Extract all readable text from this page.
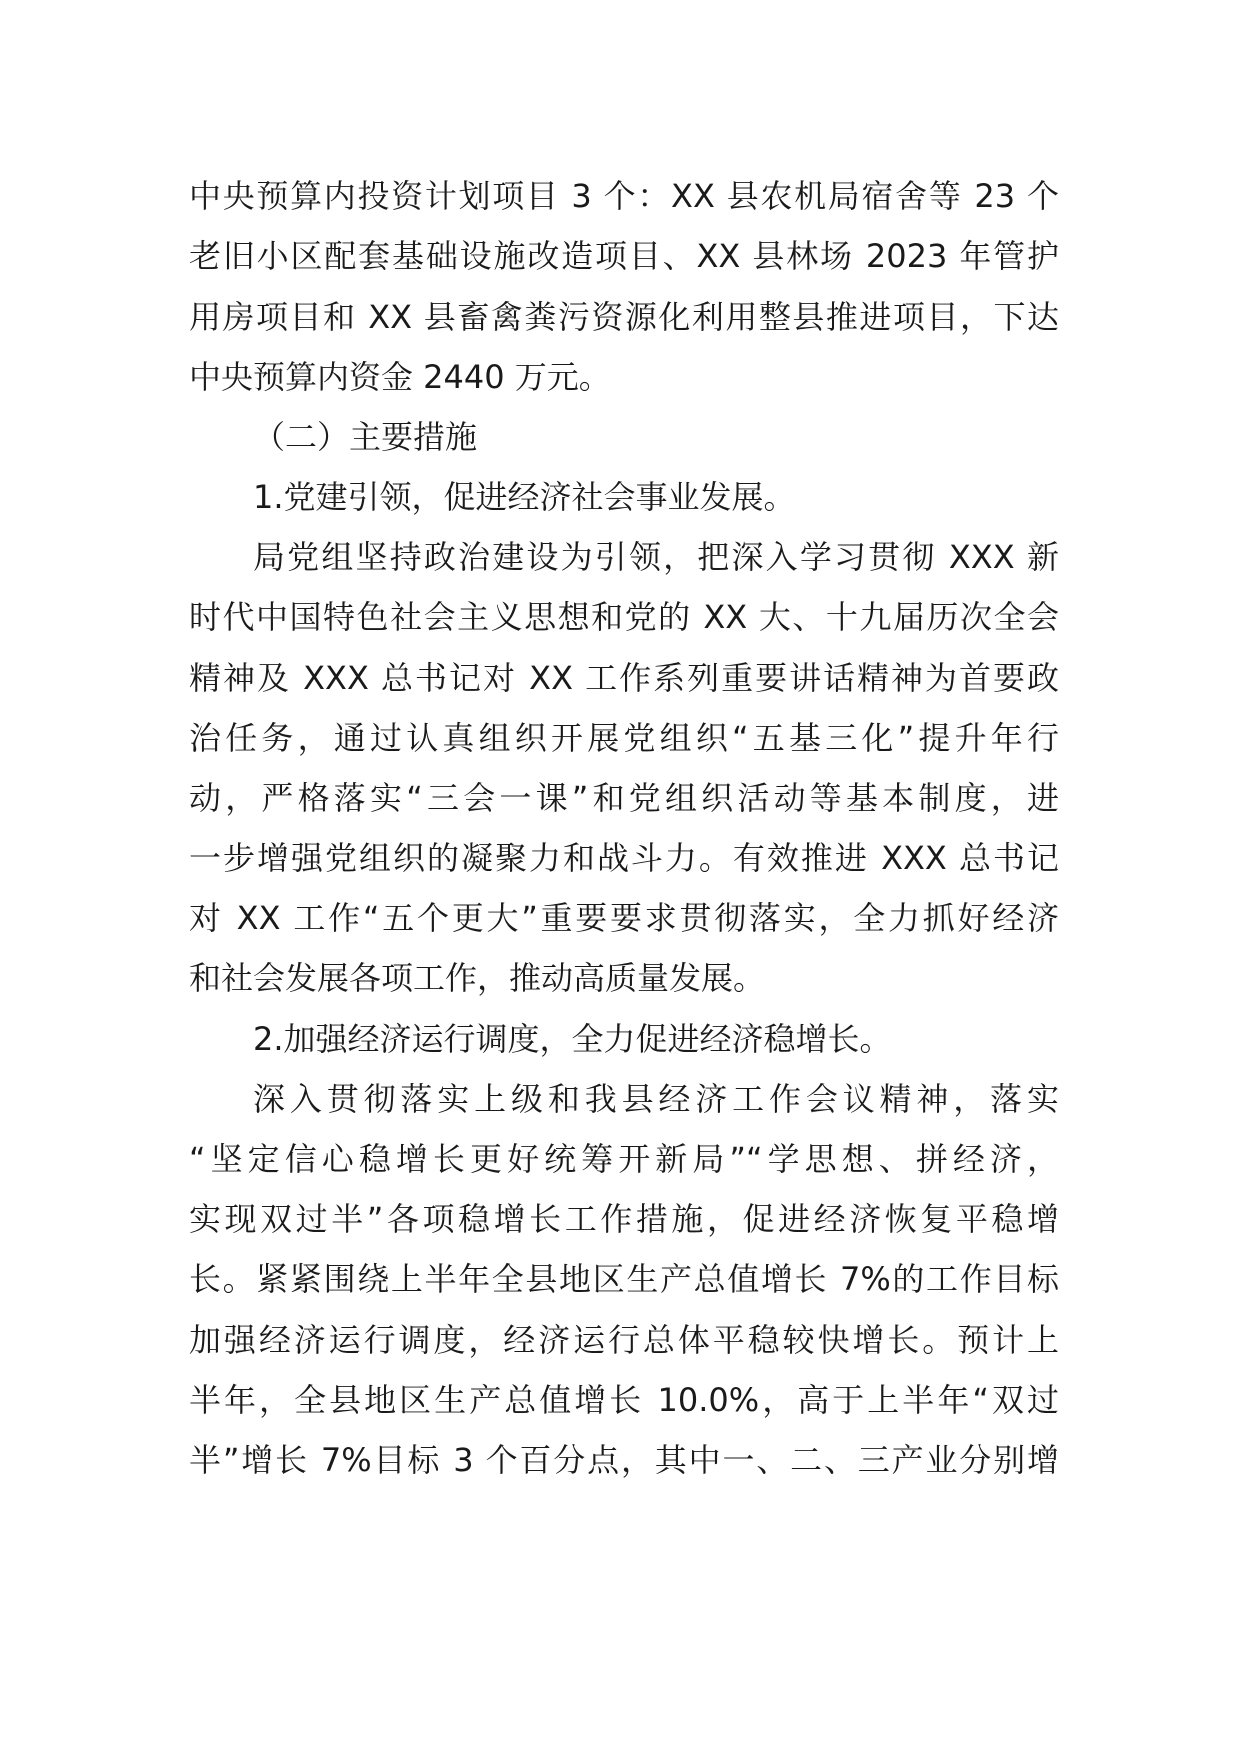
中央预算内投资计划项目 3 个：XX 县农机局宿舍等 23 个
老旧小区配套基础设施改造项目、XX 县林场 2023 年管护
用房项目和 XX 县畜禽粪污资源化利用整县推进项目，下达
中央预算内资金 2440 万元。
（二）主要措施
1.党建引领，促进经济社会事业发展。
局党组坚持政治建设为引领，把深入学习贯彻 XXX 新
时代中国特色社会主义思想和党的 XX 大、十九届历次全会
精神及 XXX 总书记对 XX 工作系列重要讲话精神为首要政
治任务，通过认真组织开展党组织“五基三化”提升年行
动，严格落实“三会一课”和党组织活动等基本制度，进
一步增强党组织的凝聚力和战斗力。有效推进 XXX 总书记
对 XX 工作“五个更大”重要要求贯彻落实，全力抓好经济
和社会发展各项工作，推动高质量发展。
2.加强经济运行调度，全力促进经济稳增长。
深入贯彻落实上级和我县经济工作会议精神，落实
“坚定信心稳增长更好统筹开新局”“学思想、拼经济，
实现双过半”各项稳增长工作措施，促进经济恢复平稳增
长。紧紧围绕上半年全县地区生产总值增长 7%的工作目标
加强经济运行调度，经济运行总体平稳较快增长。预计上
半年，全县地区生产总值增长 10.0%，高于上半年“双过
半”增长 7%目标 3 个百分点，其中一、二、三产业分别增
